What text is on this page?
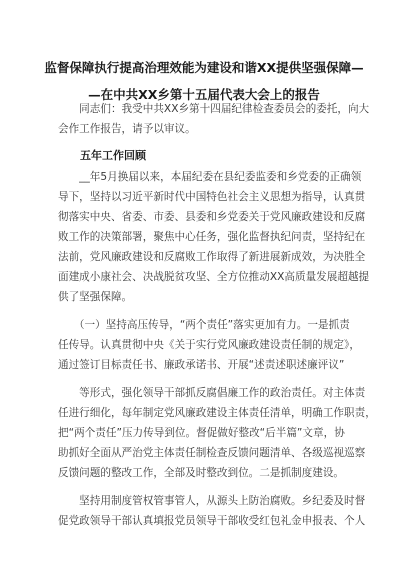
监督保障执行提高治理效能为建设和谐XX提供坚强保障—
—在中共XX乡第十五届代表大会上的报告
　　同志们：我受中共XX乡第十四届纪律检查委员会的委托，向大
会作工作报告，请予以审议。
　　五年工作回顾
　　__年5月换届以来，本届纪委在县纪委监委和乡党委的正确领
导下，坚持以习近平新时代中国特色社会主义思想为指导，认真贯
彻落实中央、省委、市委、县委和乡党委关于党风廉政建设和反腐
败工作的决策部署，聚焦中心任务，强化监督执纪问责，坚持纪在
法前，党风廉政建设和反腐败工作取得了新进展新成效，为决胜全
面建成小康社会、决战脱贫攻坚、全方位推动XX高质量发展超越提
供了坚强保障。
　　（一）坚持高压传导，“两个责任”落实更加有力。一是抓责
任传导。认真贯彻中央《关于实行党风廉政建设责任制的规定》，
通过签订目标责任书、廉政承诺书、开展“述责述职述廉评议”
　　等形式，强化领导干部抓反腐倡廉工作的政治责任。对主体责
任进行细化，每年制定党风廉政建设主体责任清单，明确工作职责，
把“两个责任”压力传导到位。督促做好整改“后半篇”文章，协
助抓好全面从严治党主体责任制检查反馈问题清单、各级巡视巡察
反馈问题的整改工作，全部及时整改到位。二是抓制度建设。
　　坚持用制度管权管事管人，从源头上防治腐败。乡纪委及时督
促党政领导干部认真填报党员领导干部收受红包礼金申报表、个人
